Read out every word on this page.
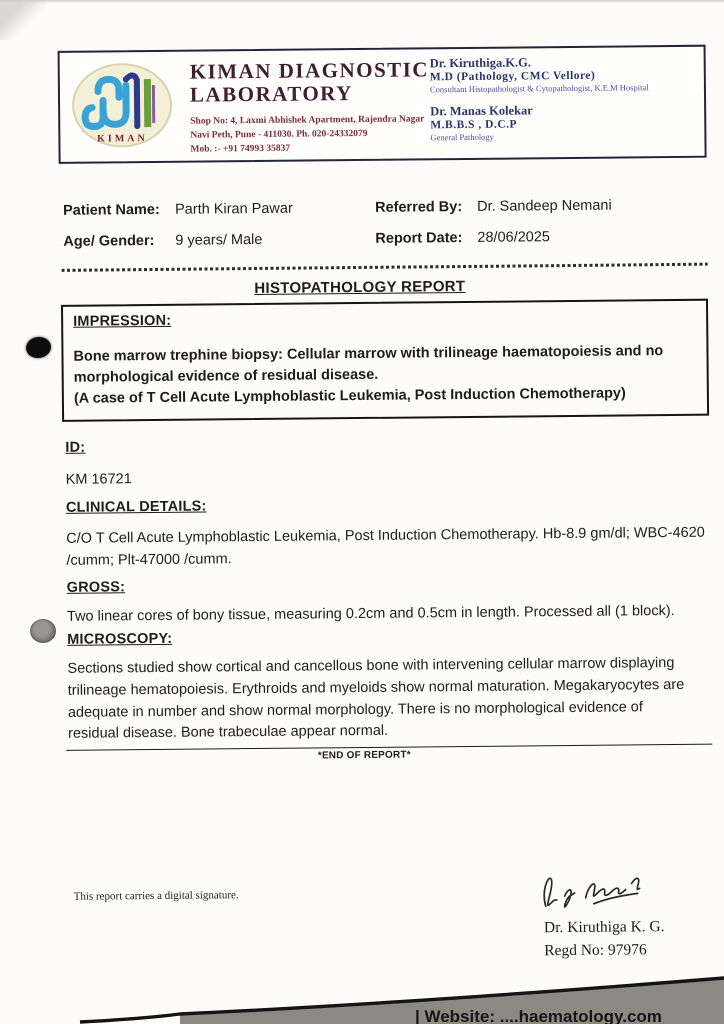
KIMAN
KIMAN DIAGNOSTIC
LABORATORY
Shop No: 4, Laxmi Abhishek Apartment, Rajendra Nagar
Navi Peth, Pune - 411030. Ph. 020-24332079
Mob. :- +91 74993 35837
Dr. Kiruthiga.K.G.
M.D (Pathology, CMC Vellore)
Consultant Histopathologist & Cytopathologist, K.E.M Hospital
Dr. Manas Kolekar
M.B.B.S , D.C.P
General Pathology
Patient Name:	Parth Kiran Pawar	Referred By:	Dr. Sandeep Nemani
Age/ Gender:	9 years/ Male	Report Date:	28/06/2025
HISTOPATHOLOGY REPORT
IMPRESSION:
Bone marrow trephine biopsy: Cellular marrow with trilineage haematopoiesis and no morphological evidence of residual disease.
(A case of T Cell Acute Lymphoblastic Leukemia, Post Induction Chemotherapy)
ID:
KM 16721
CLINICAL DETAILS:
C/O T Cell Acute Lymphoblastic Leukemia, Post Induction Chemotherapy. Hb-8.9 gm/dl; WBC-4620 /cumm; Plt-47000 /cumm.
GROSS:
Two linear cores of bony tissue, measuring 0.2cm and 0.5cm in length. Processed all (1 block).
MICROSCOPY:
Sections studied show cortical and cancellous bone with intervening cellular marrow displaying trilineage hematopoiesis. Erythroids and myeloids show normal maturation. Megakaryocytes are adequate in number and show normal morphology. There is no morphological evidence of residual disease. Bone trabeculae appear normal.
*END OF REPORT*
This report carries a digital signature.
Dr. Kiruthiga K. G.
Regd No: 97976
| Website: ....haematology.com
